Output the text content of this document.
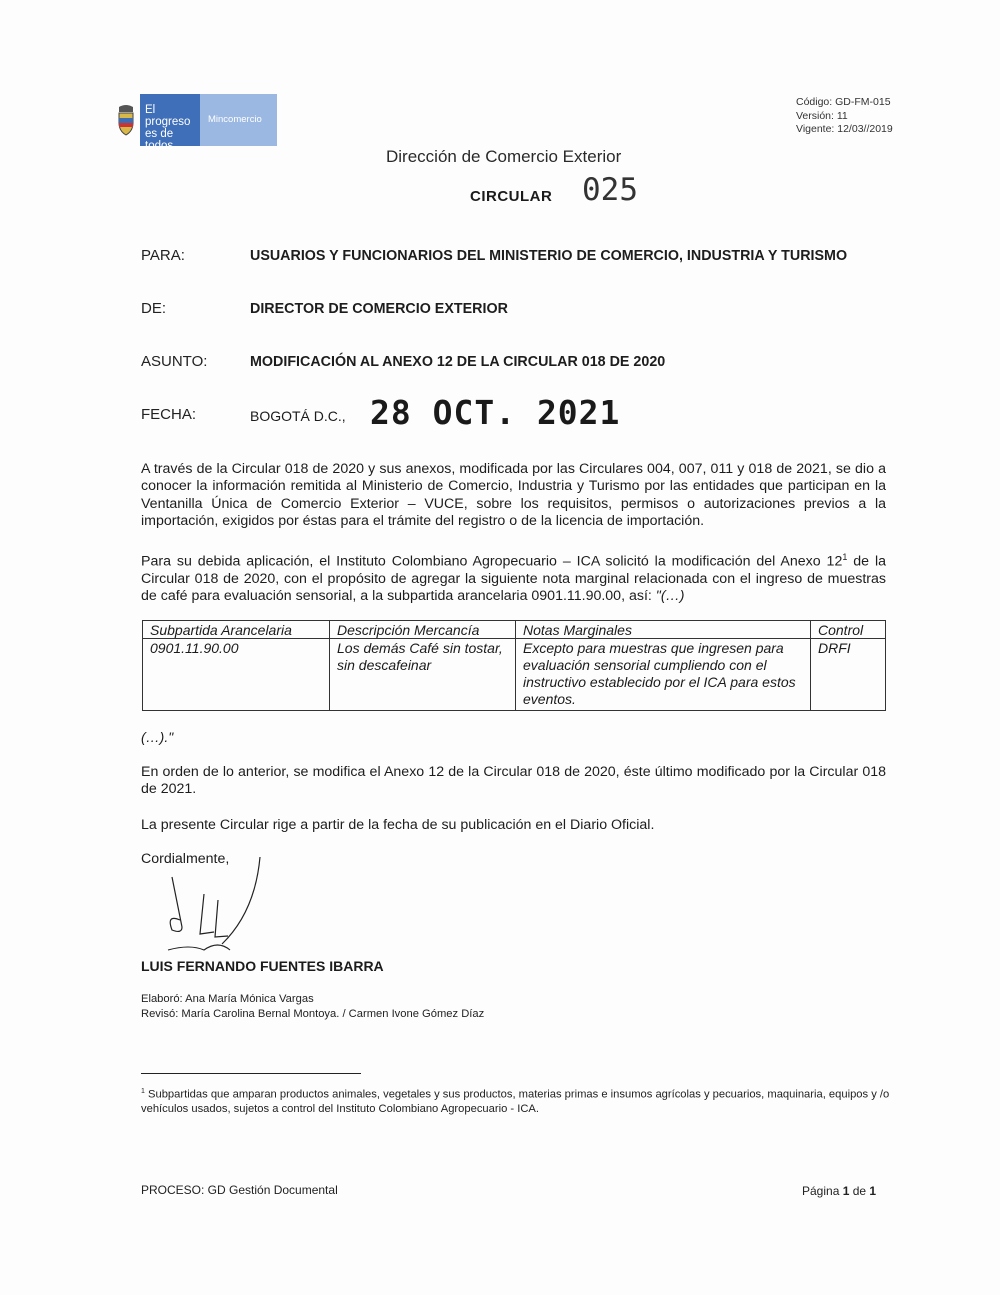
El progreso es de todos
Mincomercio
Código: GD-FM-015
Versión: 11
Vigente: 12/03//2019
Dirección de Comercio Exterior
CIRCULAR 025
PARA:	USUARIOS Y FUNCIONARIOS DEL MINISTERIO DE COMERCIO, INDUSTRIA Y TURISMO
DE:	DIRECTOR DE COMERCIO EXTERIOR
ASUNTO:	MODIFICACIÓN AL ANEXO 12 DE LA CIRCULAR 018 DE 2020
FECHA:	BOGOTÁ D.C., 28 OCT. 2021
A través de la Circular 018 de 2020 y sus anexos, modificada por las Circulares 004, 007, 011 y 018 de 2021, se dio a conocer la información remitida al Ministerio de Comercio, Industria y Turismo por las entidades que participan en la Ventanilla Única de Comercio Exterior – VUCE, sobre los requisitos, permisos o autorizaciones previos a la importación, exigidos por éstas para el trámite del registro o de la licencia de importación.
Para su debida aplicación, el Instituto Colombiano Agropecuario – ICA solicitó la modificación del Anexo $12^1$ de la Circular 018 de 2020, con el propósito de agregar la siguiente nota marginal relacionada con el ingreso de muestras de café para evaluación sensorial, a la subpartida arancelaria 0901.11.90.00, así: "(…)
Subpartida Arancelaria	Descripción Mercancía	Notas Marginales	Control
0901.11.90.00	Los demás Café sin tostar, sin descafeinar	Excepto para muestras que ingresen para evaluación sensorial cumpliendo con el instructivo establecido por el ICA para estos eventos.	DRFI
(…)."
En orden de lo anterior, se modifica el Anexo 12 de la Circular 018 de 2020, éste último modificado por la Circular 018 de 2021.
La presente Circular rige a partir de la fecha de su publicación en el Diario Oficial.
Cordialmente,
LUIS FERNANDO FUENTES IBARRA
Elaboró: Ana María Mónica Vargas
Revisó: María Carolina Bernal Montoya. / Carmen Ivone Gómez Díaz
$^1$ Subpartidas que amparan productos animales, vegetales y sus productos, materias primas e insumos agrícolas y pecuarios, maquinaria, equipos y /o vehículos usados, sujetos a control del Instituto Colombiano Agropecuario - ICA.
PROCESO: GD Gestión Documental	Página 1 de 1
